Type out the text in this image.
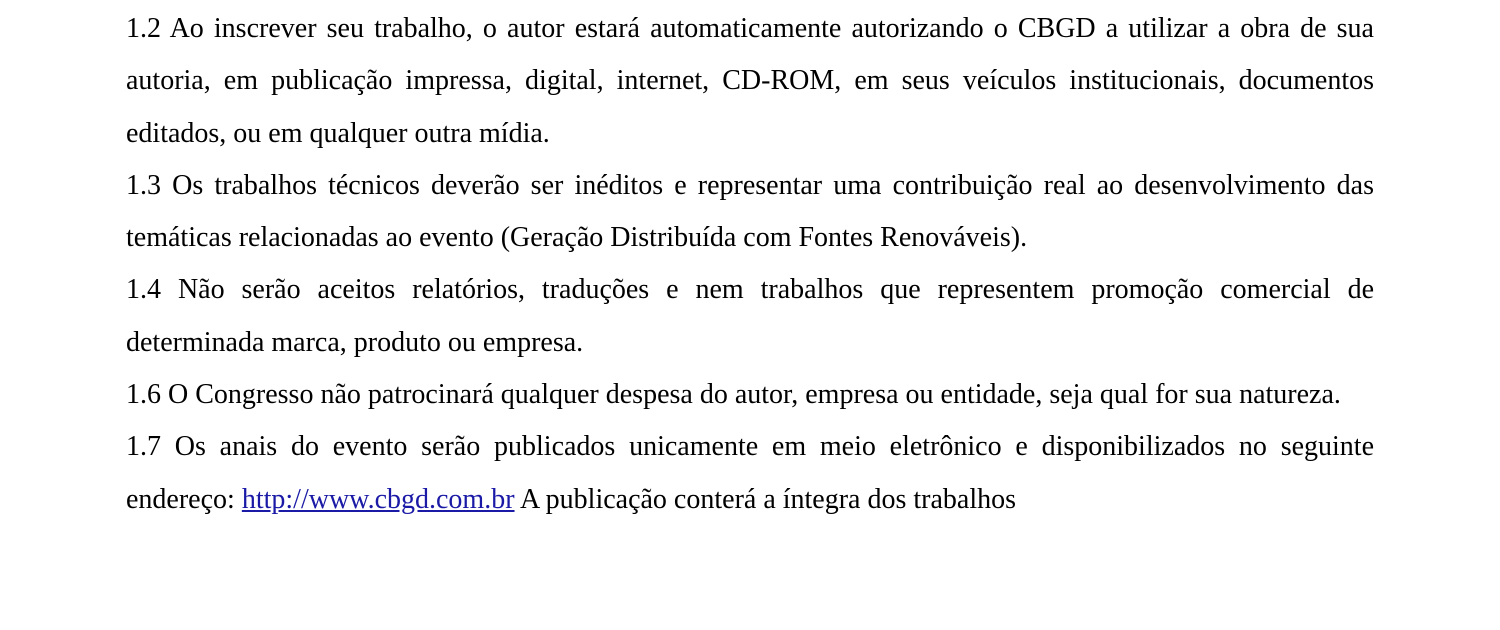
1.2 Ao inscrever seu trabalho, o autor estará automaticamente autorizando o CBGD a utilizar a obra de sua autoria, em publicação impressa, digital, internet, CD-ROM, em seus veículos institucionais, documentos editados, ou em qualquer outra mídia.

1.3 Os trabalhos técnicos deverão ser inéditos e representar uma contribuição real ao desenvolvimento das temáticas relacionadas ao evento (Geração Distribuída com Fontes Renováveis).

1.4 Não serão aceitos relatórios, traduções e nem trabalhos que representem promoção comercial de determinada marca, produto ou empresa.

1.6 O Congresso não patrocinará qualquer despesa do autor, empresa ou entidade, seja qual for sua natureza.

1.7 Os anais do evento serão publicados unicamente em meio eletrônico e disponibilizados no seguinte endereço: http://www.cbgd.com.br A publicação conterá a íntegra dos trabalhos
